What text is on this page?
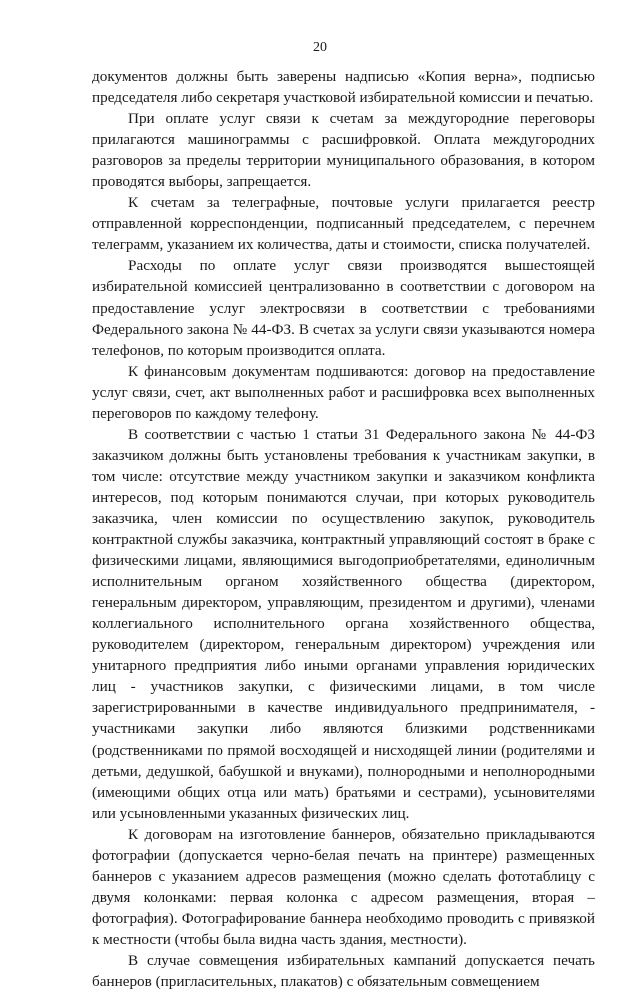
20

документов должны быть заверены надписью «Копия верна», подписью председателя либо секретаря участковой избирательной комиссии и печатью.

При оплате услуг связи к счетам за междугородние переговоры прилагаются машинограммы с расшифровкой. Оплата междугородних разговоров за пределы территории муниципального образования, в котором проводятся выборы, запрещается.

К счетам за телеграфные, почтовые услуги прилагается реестр отправленной корреспонденции, подписанный председателем, с перечнем телеграмм, указанием их количества, даты и стоимости, списка получателей.

Расходы по оплате услуг связи производятся вышестоящей избирательной комиссией централизованно в соответствии с договором на предоставление услуг электросвязи в соответствии с требованиями Федерального закона № 44-ФЗ. В счетах за услуги связи указываются номера телефонов, по которым производится оплата.

К финансовым документам подшиваются: договор на предоставление услуг связи, счет, акт выполненных работ и расшифровка всех выполненных переговоров по каждому телефону.

В соответствии с частью 1 статьи 31 Федерального закона № 44-ФЗ заказчиком должны быть установлены требования к участникам закупки, в том числе: отсутствие между участником закупки и заказчиком конфликта интересов, под которым понимаются случаи, при которых руководитель заказчика, член комиссии по осуществлению закупок, руководитель контрактной службы заказчика, контрактный управляющий состоят в браке с физическими лицами, являющимися выгодоприобретателями, единоличным исполнительным органом хозяйственного общества (директором, генеральным директором, управляющим, президентом и другими), членами коллегиального исполнительного органа хозяйственного общества, руководителем (директором, генеральным директором) учреждения или унитарного предприятия либо иными органами управления юридических лиц - участников закупки, с физическими лицами, в том числе зарегистрированными в качестве индивидуального предпринимателя, - участниками закупки либо являются близкими родственниками (родственниками по прямой восходящей и нисходящей линии (родителями и детьми, дедушкой, бабушкой и внуками), полнородными и неполнородными (имеющими общих отца или мать) братьями и сестрами), усыновителями или усыновленными указанных физических лиц.

К договорам на изготовление баннеров, обязательно прикладываются фотографии (допускается черно-белая печать на принтере) размещенных баннеров с указанием адресов размещения (можно сделать фототаблицу с двумя колонками: первая колонка с адресом размещения, вторая – фотография). Фотографирование баннера необходимо проводить с привязкой к местности (чтобы была видна часть здания, местности).

В случае совмещения избирательных кампаний допускается печать баннеров (пригласительных, плакатов) с обязательным совмещением
